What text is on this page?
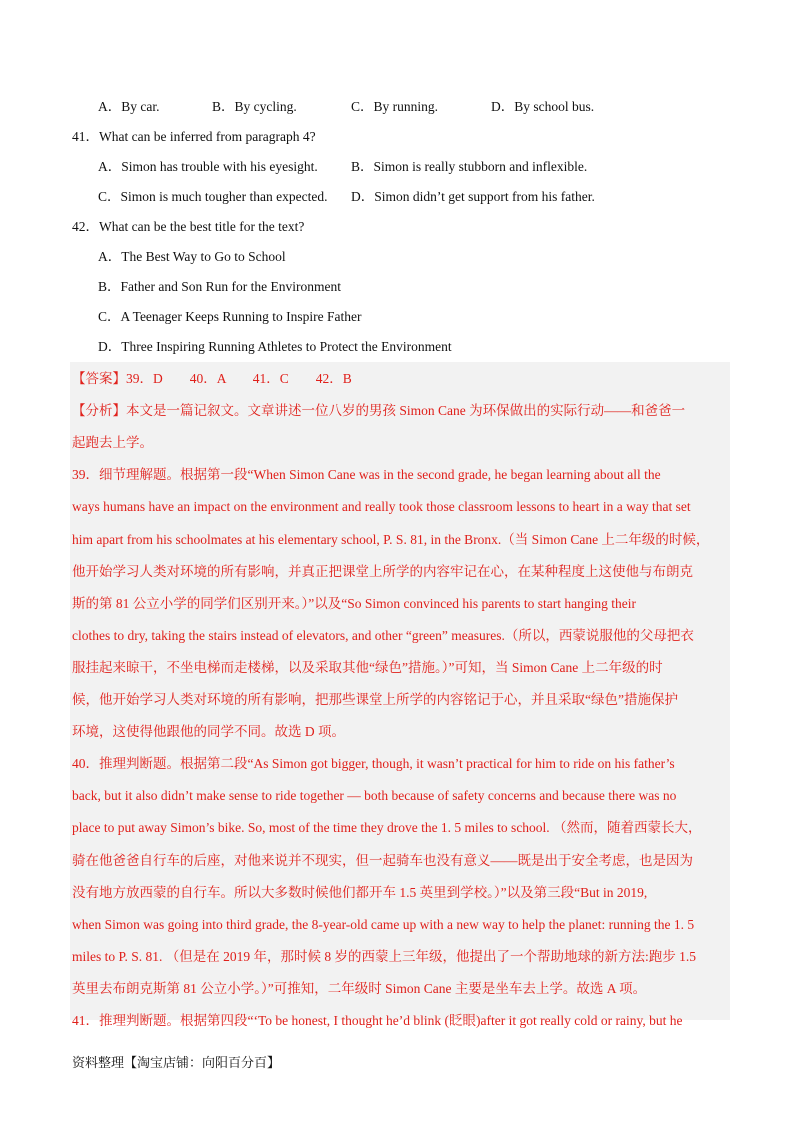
A．By car.	B．By cycling.	C．By running.	D．By school bus.
41．What can be inferred from paragraph 4?
A．Simon has trouble with his eyesight. B．Simon is really stubborn and inflexible.
C．Simon is much tougher than expected. D．Simon didn’t get support from his father.
42．What can be the best title for the text?
A．The Best Way to Go to School
B．Father and Son Run for the Environment
C．A Teenager Keeps Running to Inspire Father
D．Three Inspiring Running Athletes to Protect the Environment
【答案】39．D　　40．A　　41．C　　42．B
【分析】本文是一篇记叙文。文章讲述一位八岁的男孩 Simon Cane 为环保做出的实际行动——和爸爸一
起跑去上学。
39．细节理解题。根据第一段“When Simon Cane was in the second grade, he began learning about all the
ways humans have an impact on the environment and really took those classroom lessons to heart in a way that set
him apart from his schoolmates at his elementary school, P. S. 81, in the Bronx.（当 Simon Cane 上二年级的时候，
他开始学习人类对环境的所有影响，并真正把课堂上所学的内容牢记在心，在某种程度上这使他与布朗克
斯的第 81 公立小学的同学们区别开来。）”以及“So Simon convinced his parents to start hanging their
clothes to dry, taking the stairs instead of elevators, and other “green” measures.（所以，西蒙说服他的父母把衣
服挂起来晾干，不坐电梯而走楼梯，以及采取其他“绿色”措施。）”可知，当 Simon Cane 上二年级的时
候，他开始学习人类对环境的所有影响，把那些课堂上所学的内容铭记于心，并且采取“绿色”措施保护
环境，这使得他跟他的同学不同。故选 D 项。
40．推理判断题。根据第二段“As Simon got bigger, though, it wasn’t practical for him to ride on his father’s
back, but it also didn’t make sense to ride together — both because of safety concerns and because there was no
place to put away Simon’s bike. So, most of the time they drove the 1. 5 miles to school. （然而，随着西蒙长大，
骑在他爸爸自行车的后座，对他来说并不现实，但一起骑车也没有意义——既是出于安全考虑，也是因为
没有地方放西蒙的自行车。所以大多数时候他们都开车 1.5 英里到学校。）”以及第三段“But in 2019,
when Simon was going into third grade, the 8-year-old came up with a new way to help the planet: running the 1. 5
miles to P. S. 81. （但是在 2019 年，那时候 8 岁的西蒙上三年级，他提出了一个帮助地球的新方法:跑步 1.5
英里去布朗克斯第 81 公立小学。）”可推知，二年级时 Simon Cane 主要是坐车去上学。故选 A 项。
41．推理判断题。根据第四段“‘To be honest, I thought he’d blink (眨眼)after it got really cold or rainy, but he
资料整理【淘宝店铺：向阳百分百】
